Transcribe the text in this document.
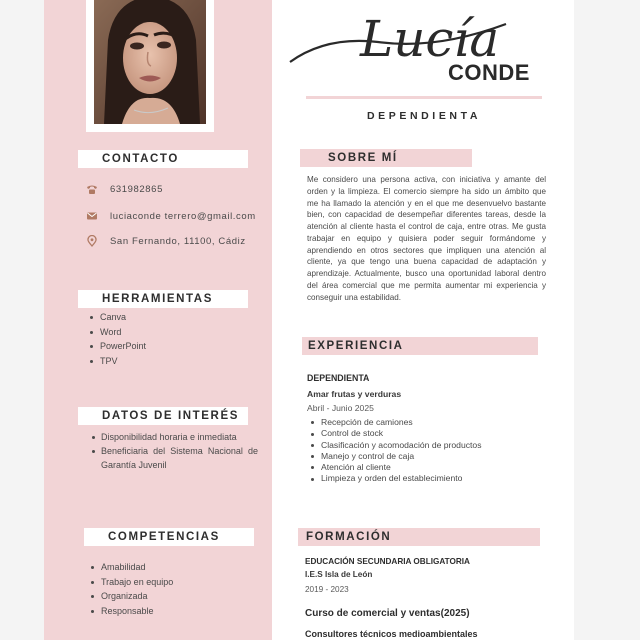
Lucía
CONDE
DEPENDIENTA
CONTACTO
631982865
luciaconde terrero@gmail.com
San Fernando, 11100, Cádiz
HERRAMIENTAS
Canva
Word
PowerPoint
TPV
DATOS DE INTERÉS
Disponibilidad horaria e inmediata
Beneficiaria del Sistema Nacional de Garantía Juvenil
COMPETENCIAS
Amabilidad
Trabajo en equipo
Organizada
Responsable
SOBRE MÍ
Me considero una persona activa, con iniciativa y amante del orden y la limpieza. El comercio siempre ha sido un ámbito que me ha llamado la atención y en el que me desenvuelvo bastante bien, con capacidad de desempeñar diferentes tareas, desde la atención al cliente hasta el control de caja, entre otras. Me gusta trabajar en equipo y quisiera poder seguir formándome y aprendiendo en otros sectores que impliquen una atención al cliente, ya que tengo una buena capacidad de adaptación y aprendizaje. Actualmente, busco una oportunidad laboral dentro del área comercial que me permita aumentar mi experiencia y conseguir una estabilidad.
EXPERIENCIA
DEPENDIENTA
Amar frutas y verduras
Abril - Junio 2025
Recepción de camiones
Control de stock
Clasificación y acomodación de productos
Manejo y control de caja
Atención al cliente
Limpieza y orden del establecimiento
FORMACIÓN
EDUCACIÓN SECUNDARIA OBLIGATORIA
I.E.S Isla de León
2019 - 2023
Curso de comercial y ventas(2025)
Consultores técnicos medioambientales
